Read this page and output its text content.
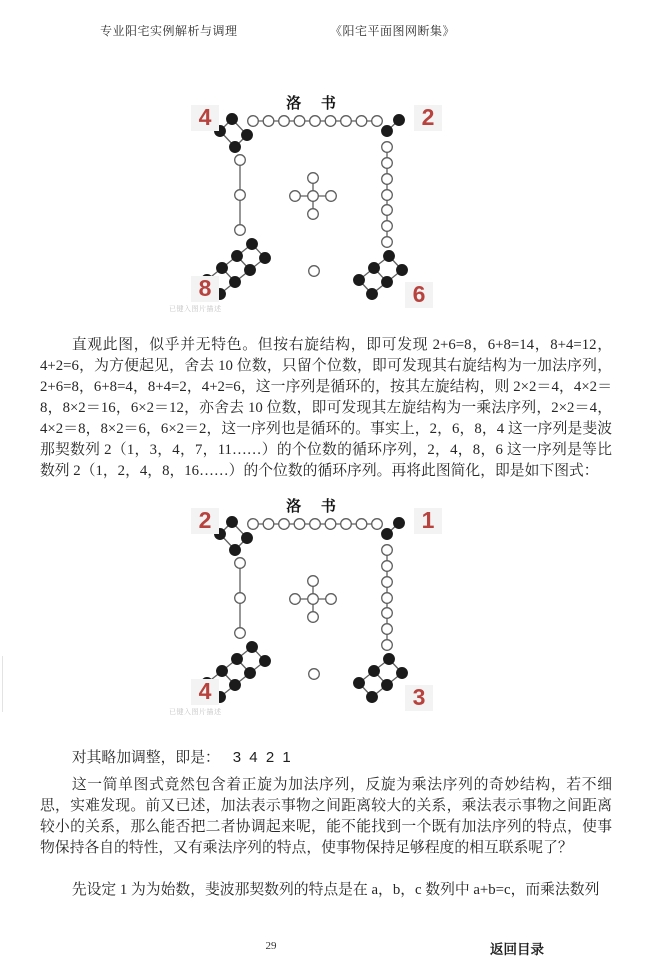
专业阳宅实例解析与调理	《阳宅平面图网断集》
洛 书
4	2
8	6
已键入图片描述

直观此图，似乎并无特色。但按右旋结构，即可发现 2+6=8，6+8=14，8+4=12，4+2=6，为方便起见，舍去 10 位数，只留个位数，即可发现其右旋结构为一加法序列，2+6=8，6+8=4，8+4=2，4+2=6，这一序列是循环的，按其左旋结构，则 2×2＝4，4×2＝8，8×2＝16，6×2＝12，亦舍去 10 位数，即可发现其左旋结构为一乘法序列，2×2＝4，4×2＝8，8×2＝6，6×2＝2，这一序列也是循环的。事实上，2，6，8，4 这一序列是斐波那契数列 2（1，3，4，7，11……）的个位数的循环序列，2，4，8，6 这一序列是等比数列 2（1，2，4，8，16……）的个位数的循环序列。再将此图简化，即是如下图式：

洛 书
2	1
4	3
已键入图片描述

对其略加调整，即是： 3 4 2 1

这一简单图式竟然包含着正旋为加法序列，反旋为乘法序列的奇妙结构，若不细思，实难发现。前又已述，加法表示事物之间距离较大的关系，乘法表示事物之间距离较小的关系，那么能否把二者协调起来呢，能不能找到一个既有加法序列的特点，使事物保持各自的特性，又有乘法序列的特点，使事物保持足够程度的相互联系呢了？

先设定 1 为为始数，斐波那契数列的特点是在 a，b，c 数列中 a+b=c，而乘法数列

29	返回目录
